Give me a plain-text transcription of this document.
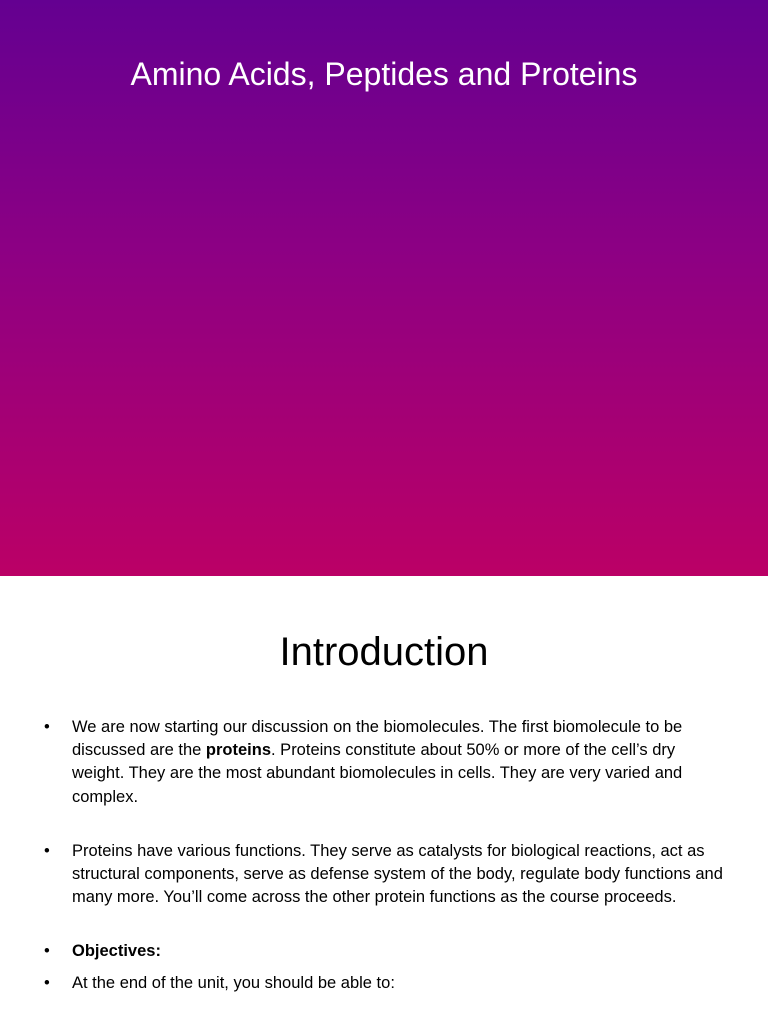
Amino Acids, Peptides and Proteins
Introduction
• We are now starting our discussion on the biomolecules. The first biomolecule to be discussed are the proteins. Proteins constitute about 50% or more of the cell’s dry weight. They are the most abundant biomolecules in cells. They are very varied and complex.
• Proteins have various functions. They serve as catalysts for biological reactions, act as structural components, serve as defense system of the body, regulate body functions and many more. You’ll come across the other protein functions as the course proceeds.
• Objectives:
• At the end of the unit, you should be able to:
